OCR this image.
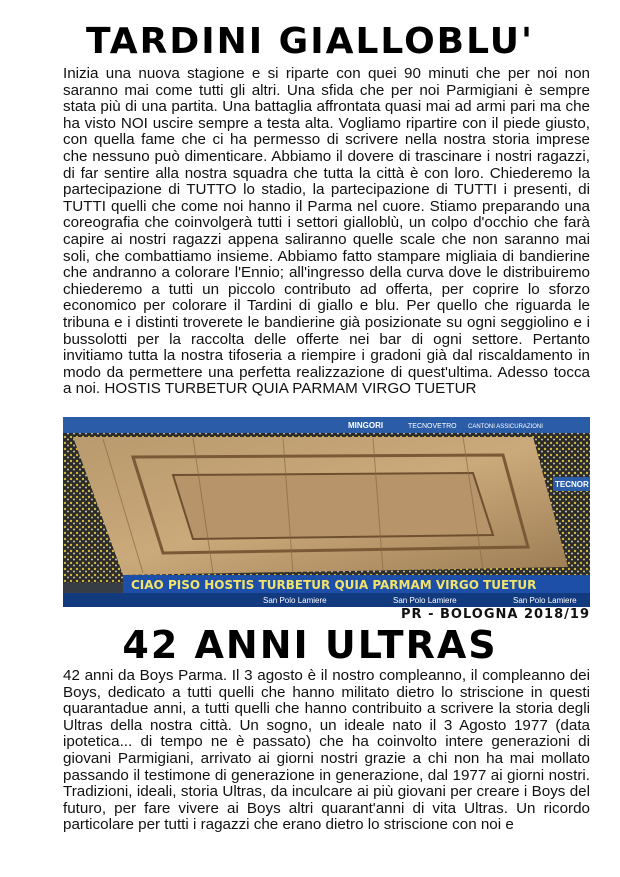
TARDINI GIALLOBLU'

Inizia una nuova stagione e si riparte con quei 90 minuti che per noi non saranno mai come tutti gli altri. Una sfida che per noi Parmigiani è sempre stata più di una partita. Una battaglia affrontata quasi mai ad armi pari ma che ha visto NOI uscire sempre a testa alta. Vogliamo ripartire con il piede giusto, con quella fame che ci ha permesso di scrivere nella nostra storia imprese che nessuno può dimenticare. Abbiamo il dovere di trascinare i nostri ragazzi, di far sentire alla nostra squadra che tutta la città è con loro. Chiederemo la partecipazione di TUTTO lo stadio, la partecipazione di TUTTI i presenti, di TUTTI quelli che come noi hanno il Parma nel cuore. Stiamo preparando una coreografia che coinvolgerà tutti i settori gialloblù, un colpo d'occhio che farà capire ai nostri ragazzi appena saliranno quelle scale che non saranno mai soli, che combattiamo insieme. Abbiamo fatto stampare migliaia di bandierine che andranno a colorare l'Ennio; all'ingresso della curva dove le distribuiremo chiederemo a tutti un piccolo contributo ad offerta, per coprire lo sforzo economico per colorare il Tardini di giallo e blu. Per quello che riguarda le tribuna e i distinti troverete le bandierine già posizionate su ogni seggiolino e i bussolotti per la raccolta delle offerte nei bar di ogni settore. Pertanto invitiamo tutta la nostra tifoseria a riempire i gradoni già dal riscaldamento in modo da permettere una perfetta realizzazione di quest'ultima. Adesso tocca a noi. HOSTIS TURBETUR QUIA PARMAM VIRGO TUETUR

MINGORI	TECNOVETRO CANTONI ASSICURAZIONI
TECNOR
CIAO PISO HOSTIS TURBETUR QUIA PARMAM VIRGO TUETUR
San Polo Lamiere	San Polo Lamiere	San Polo Lamiere

PR - BOLOGNA 2018/19

42 ANNI ULTRAS

42 anni da Boys Parma. Il 3 agosto è il nostro compleanno, il compleanno dei Boys, dedicato a tutti quelli che hanno militato dietro lo striscione in questi quarantadue anni, a tutti quelli che hanno contribuito a scrivere la storia degli Ultras della nostra città. Un sogno, un ideale nato il 3 Agosto 1977 (data ipotetica... di tempo ne è passato) che ha coinvolto intere generazioni di giovani Parmigiani, arrivato ai giorni nostri grazie a chi non ha mai mollato passando il testimone di generazione in generazione, dal 1977 ai giorni nostri. Tradizioni, ideali, storia Ultras, da inculcare ai più giovani per creare i Boys del futuro, per fare vivere ai Boys altri quarant'anni di vita Ultras. Un ricordo particolare per tutti i ragazzi che erano dietro lo striscione con noi e
